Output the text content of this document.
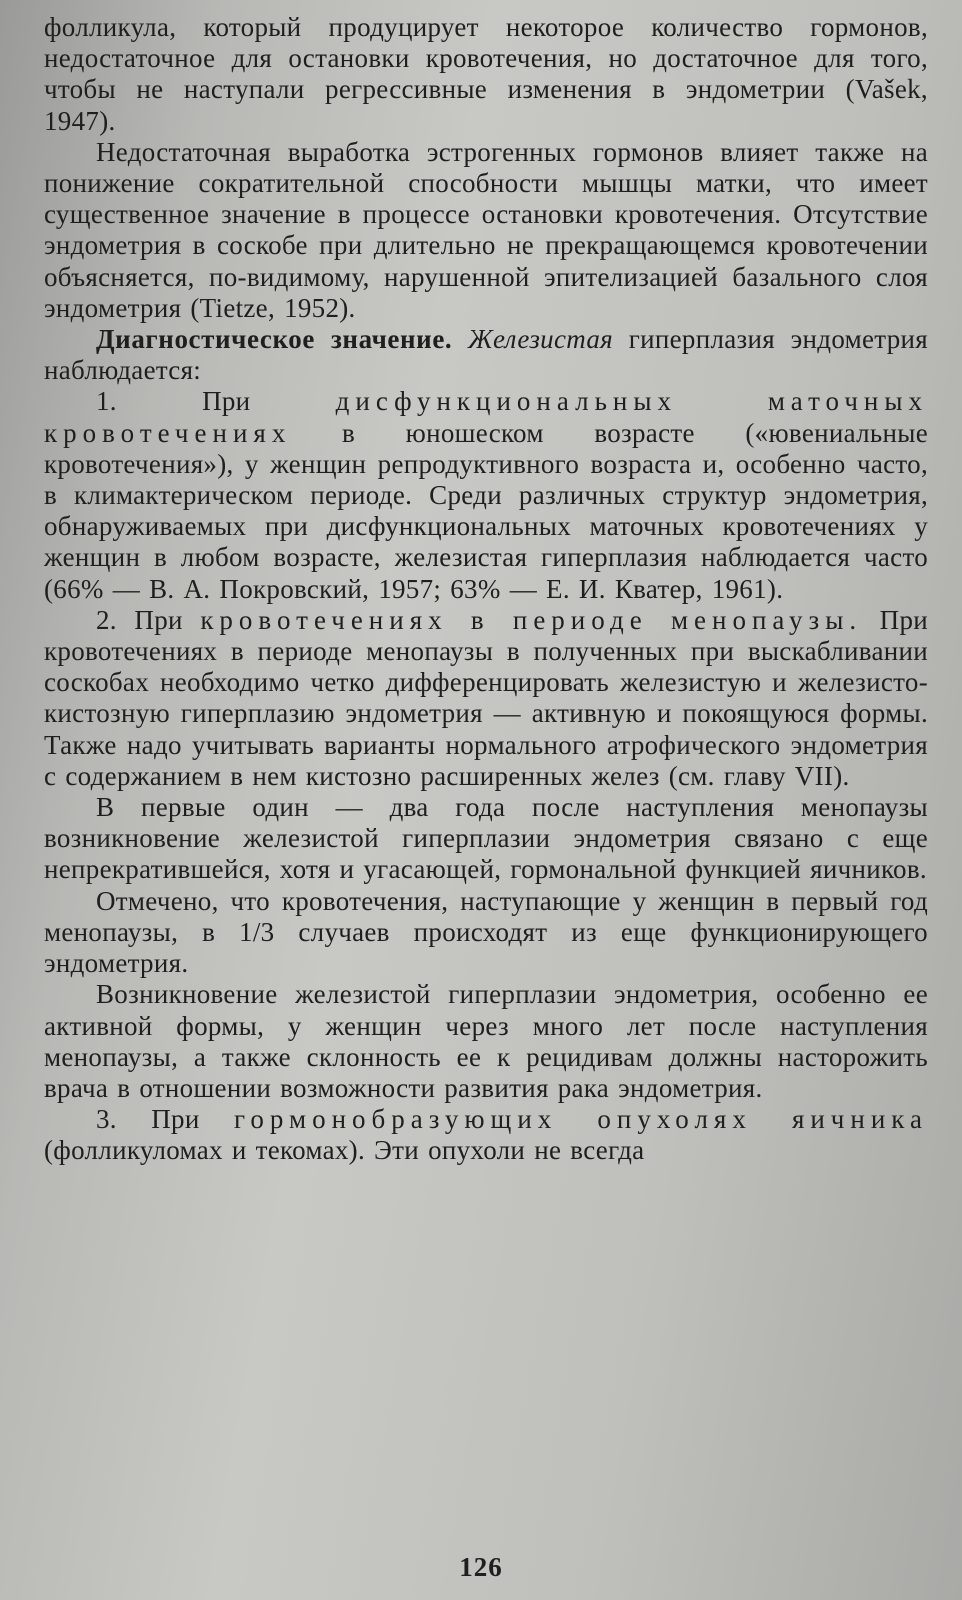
фолликула, который продуцирует некоторое количество гормонов, недостаточное для остановки кровотечения, но достаточное для того, чтобы не наступали регрессивные изменения в эндометрии (Vašek, 1947).

Недостаточная выработка эстрогенных гормонов влияет также на понижение сократительной способности мышцы матки, что имеет существенное значение в процессе остановки кровотечения. Отсутствие эндометрия в соскобе при длительно не прекращающемся кровотечении объясняется, по-видимому, нарушенной эпителизацией базального слоя эндометрия (Tietze, 1952).

Диагностическое значение. Железистая гиперплазия эндометрия наблюдается:

1. При	дисфункциональных маточных кровотечениях в юношеском возрасте («ювениальные кровотечения»), у женщин репродуктивного возраста и, особенно часто, в климактерическом периоде. Среди различных структур эндометрия, обнаруживаемых при дисфункциональных маточных кровотечениях у женщин в любом возрасте, железистая гиперплазия наблюдается часто (66% — В. А. Покровский, 1957; 63% — Е. И. Кватер, 1961).

2. При кровотечениях в периоде менопаузы. При кровотечениях в периоде менопаузы в полученных при выскабливании соскобах необходимо четко дифференцировать железистую и железисто-кистозную гиперплазию эндометрия — активную и покоящуюся формы. Также надо учитывать варианты нормального атрофического эндометрия с содержанием в нем кистозно расширенных желез (см. главу VII).

В первые один — два года после наступления менопаузы возникновение железистой гиперплазии эндометрия связано с еще непрекратившейся, хотя и угасающей, гормональной функцией яичников.

Отмечено, что кровотечения, наступающие у женщин в первый год менопаузы, в 1/3 случаев происходят из еще функционирующего эндометрия.

Возникновение железистой гиперплазии эндометрия, особенно ее активной формы, у женщин через много лет после наступления менопаузы, а также склонность ее к рецидивам должны насторожить врача в отношении возможности развития рака эндометрия.

3. При гормонобразующих опухолях яичника (фолликуломах и текомах). Эти опухоли не всегда

126
